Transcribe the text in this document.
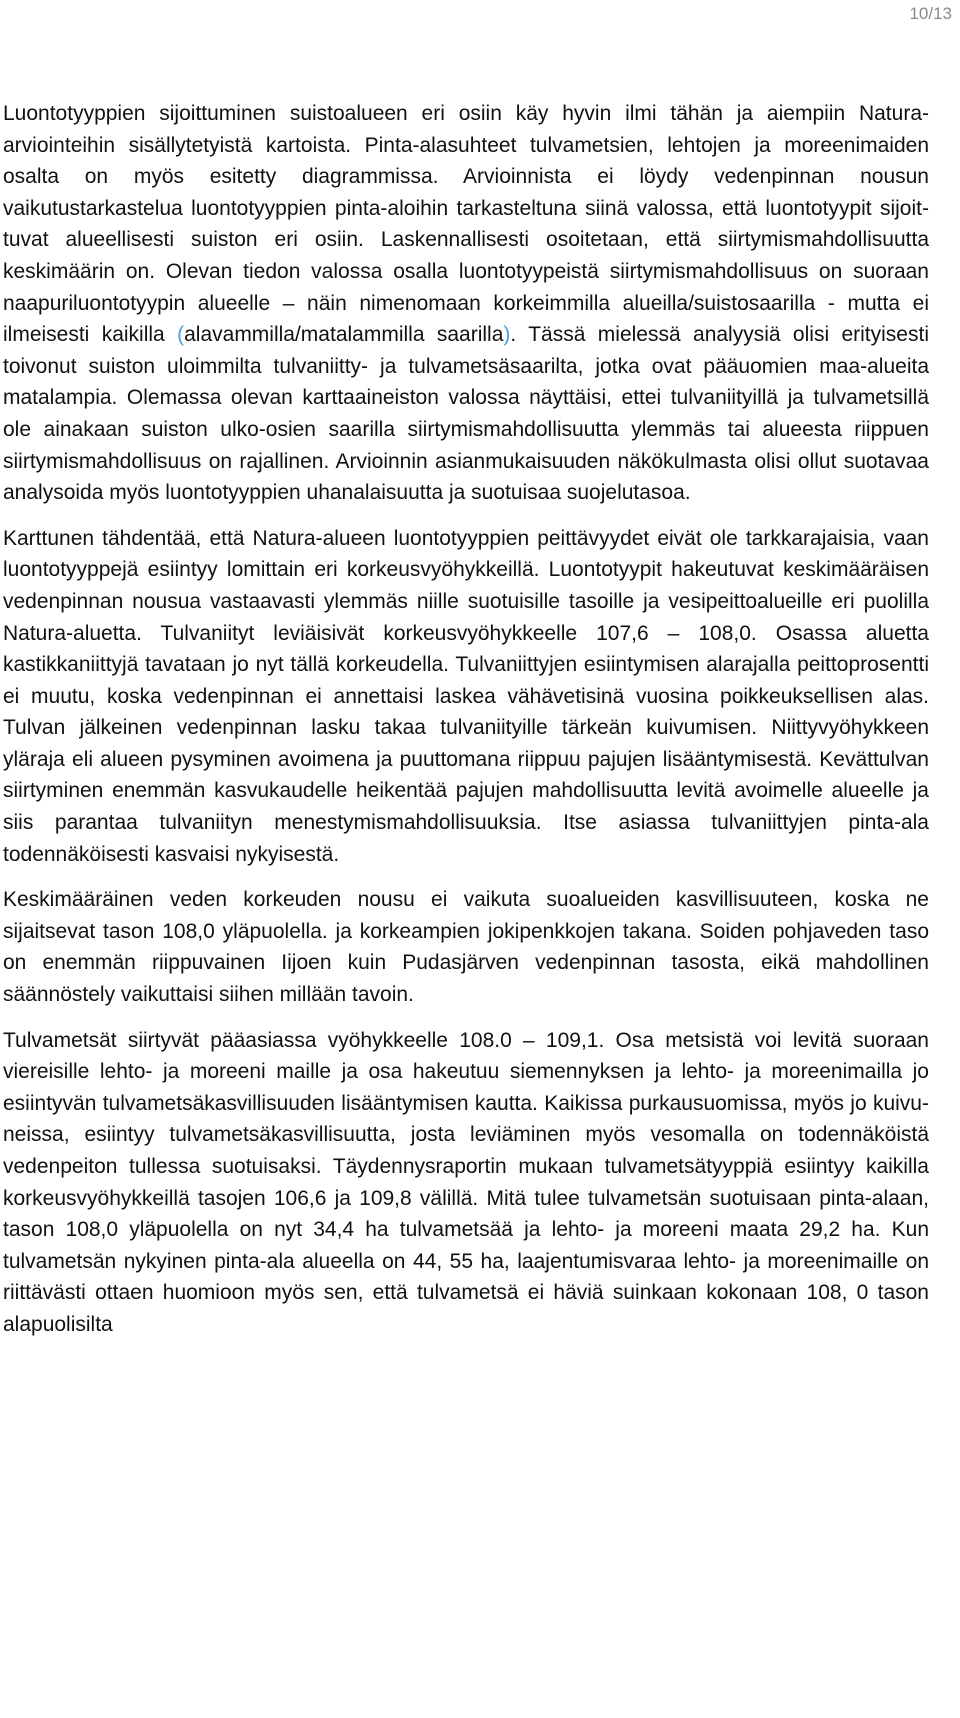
10/13

Luontotyyppien sijoittuminen suistoalueen eri osiin käy hyvin ilmi tähän ja aiempiin Natura-arviointeihin sisällytetyistä kartoista. Pinta-alasuhteet tulvametsien, lehtojen ja moreenimaiden osalta on myös esitetty diagrammissa. Arvioinnista ei löydy vedenpinnan nousun vaikutustarkastelua luontotyyppien pinta-aloihin tarkasteltuna siinä valossa, että luontotyypit sijoittuvat alueellisesti suiston eri osiin. Laskennallisesti osoitetaan, että siirtymismahdollisuutta keskimäärin on. Olevan tiedon valossa osalla luontotyypeistä siirtymismahdollisuus on suoraan naapuriluontotyypin alueelle – näin nimenomaan korkeimmilla alueilla/suistosaarilla - mutta ei ilmeisesti kaikilla (alavammilla/matalammilla saarilla). Tässä mielessä analyysiä olisi erityisesti toivonut suiston uloimmilta tulvaniitty- ja tulvametsäsaarilta, jotka ovat pääuomien maa-alueita matalampia. Olemassa olevan karttaaineiston valossa näyttäisi, ettei tulvaniityillä ja tulvametsillä ole ainakaan suiston ulko-osien saarilla siirtymismahdollisuutta ylemmäs tai alueesta riippuen siirtymismahdollisuus on rajallinen. Arvioinnin asianmukaisuuden näkökulmasta olisi ollut suotavaa analysoida myös luontotyyppien uhanalaisuutta ja suotuisaa suojelutasoa.

Karttunen tähdentää, että Natura-alueen luontotyyppien peittävyydet eivät ole tarkkarajaisia, vaan luontotyyppejä esiintyy lomittain eri korkeusvyöhykkeillä. Luontotyypit hakeutuvat keskimääräisen vedenpinnan nousua vastaavasti ylemmäs niille suotuisille tasoille ja vesipeittoalueille eri puolilla Natura-aluetta. Tulvaniityt leviäisivät korkeusvyöhykkeelle 107,6 – 108,0. Osassa aluetta kastikkaniittyjä tavataan jo nyt tällä korkeudella. Tulvaniittyjen esiintymisen alarajalla peittoprosentti ei muutu, koska vedenpinnan ei annettaisi laskea vähävetisinä vuosina poikkeuksellisen alas. Tulvan jälkeinen vedenpinnan lasku takaa tulvaniityille tärkeän kuivumisen. Niittyvyöhykkeen yläraja eli alueen pysyminen avoimena ja puuttomana riippuu pajujen lisääntymisestä. Kevättulvan siirtyminen enemmän kasvukaudelle heikentää pajujen mahdollisuutta levitä avoimelle alueelle ja siis parantaa tulvaniityn menestymismahdollisuuksia. Itse asiassa tulvaniittyjen pinta-ala todennäköisesti kasvaisi nykyisestä.

Keskimääräinen veden korkeuden nousu ei vaikuta suoalueiden kasvillisuuteen, koska ne sijaitsevat tason 108,0 yläpuolella. ja korkeampien jokipenkkojen takana. Soiden pohjaveden taso on enemmän riippuvainen Iijoen kuin Pudasjärven vedenpinnan tasosta, eikä mahdollinen säännöstely vaikuttaisi siihen millään tavoin.

Tulvametsät siirtyvät pääasiassa vyöhykkeelle 108.0 – 109,1. Osa metsistä voi levitä suoraan viereisille lehto- ja moreeni maille ja osa hakeutuu siemennyksen ja lehto- ja moreenimailla jo esiintyvän tulvametsäkasvillisuuden lisääntymisen kautta. Kaikissa purkausuomissa, myös jo kuivuneissa, esiintyy tulvametsäkasvillisuutta, josta leviäminen myös vesomalla on todennäköistä vedenpeiton tullessa suotuisaksi. Täydennysraportin mukaan tulvametsätyyppiä esiintyy kaikilla korkeusvyöhykkeillä tasojen 106,6 ja 109,8 välillä. Mitä tulee tulvametsän suotuisaan pinta-alaan, tason 108,0 yläpuolella on nyt 34,4 ha tulvametsää ja lehto- ja moreeni maata 29,2 ha. Kun tulvametsän nykyinen pinta-ala alueella on 44, 55 ha, laajentumisvaraa lehto- ja moreenimaille on riittävästi ottaen huomioon myös sen, että tulvametsä ei häviä suinkaan kokonaan 108, 0 tason alapuolisilta
